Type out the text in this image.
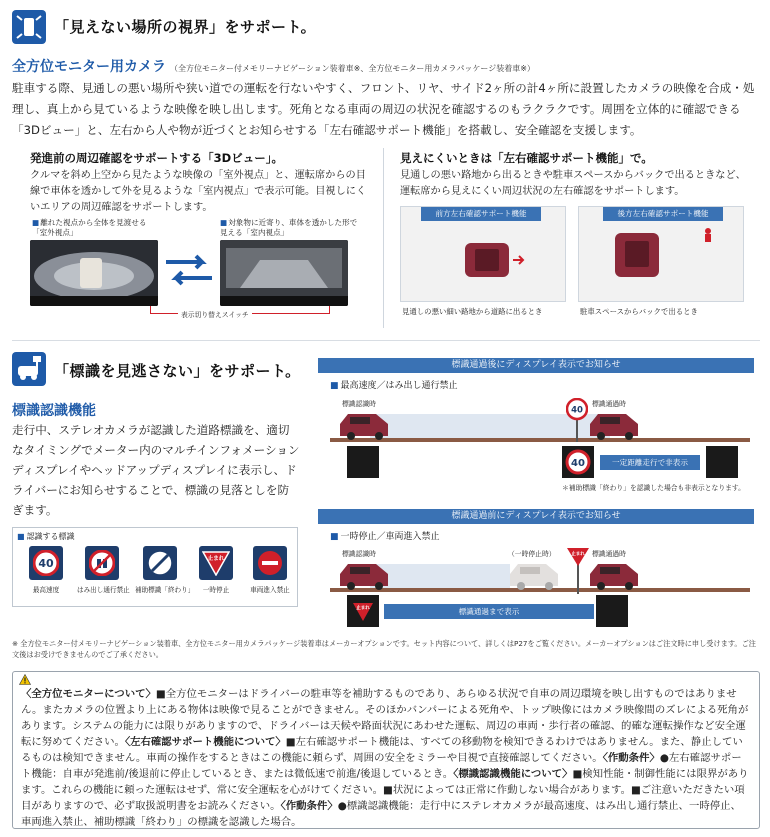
「見えない場所の視界」をサポート。
全方位モニター用カメラ （全方位モニター付メモリーナビゲーション装着車※、全方位モニター用カメラパッケージ装着車※）
駐車する際、見通しの悪い場所や狭い道での運転を行ないやすく、フロント、リヤ、サイド2ヶ所の計4ヶ所に設置したカメラの映像を合成・処理し、真上から見ているような映像を映し出します。死角となる車両の周辺の状況を確認するのもラクラクです。周囲を立体的に確認できる「3Dビュー」と、左右から人や物が近づくとお知らせする「左右確認サポート機能」を搭載し、安全確認を支援します。
発進前の周辺確認をサポートする「3Dビュー」。
クルマを斜め上空から見たような映像の「室外視点」と、運転席からの目線で車体を透かして外を見るような「室内視点」で表示可能。目視しにくいエリアの周辺確認をサポートします。
■ 離れた視点から全体を見渡せる「室外視点」
■ 対象物に近寄り、車体を透かした形で見える「室内視点」
表示切り替えスイッチ
見えにくいときは「左右確認サポート機能」で。
見通しの悪い路地から出るときや駐車スペースからバックで出るときなど、運転席から見えにくい周辺状況の左右確認をサポートします。
前方左右確認サポート機能
見通しの悪い細い路地から道路に出るとき
後方左右確認サポート機能
駐車スペースからバックで出るとき
「標識を見逃さない」をサポート。
標識認識機能
走行中、ステレオカメラが認識した道路標識を、適切なタイミングでメーター内のマルチインフォメーションディスプレイやヘッドアップディスプレイに表示し、ドライバーにお知らせすることで、標識の見落としを防ぎます。
■ 認識する標識
40
最高速度	はみ出し通行禁止 補助標識「終わり」
止まれ
一時停止	車両進入禁止
標識通過後にディスプレイ表示でお知らせ
■ 最高速度／はみ出し通行禁止
標識認識時	標識通過時
40
40	一定距離走行で非表示
＊補助標識「終わり」を認識した場合も非表示となります。
標識通過前にディスプレイ表示でお知らせ
■ 一時停止／車両進入禁止
標識認識時	（一時停止時）	標識通過時
止まれ
止まれ	標識通過まで表示
※ 全方位モニター付メモリーナビゲーション装着車、全方位モニター用カメラパッケージ装着車はメーカーオプションです。セット内容について、詳しくはP27をご覧ください。メーカーオプションはご注文時に申し受けます。ご注文後はお受けできませんのでご了承ください。
〈全方位モニターについて〉■全方位モニターはドライバーの駐車等を補助するものであり、あらゆる状況で自車の周辺環境を映し出すものではありません。またカメラの位置より上にある物体は映像で見ることができません。そのほかバンパーによる死角や、トップ映像にはカメラ映像間のズレによる死角があります。システムの能力には限りがありますので、ドライバーは天候や路面状況にあわせた運転、周辺の車両・歩行者の確認、的確な運転操作など安全運転に努めてください。〈左右確認サポート機能について〉■左右確認サポート機能は、すべての移動物を検知できるわけではありません。また、静止しているものは検知できません。車両の操作をするときはこの機能に頼らず、周囲の安全をミラーや目視で直接確認してください。〈作動条件〉●左右確認サポート機能：自車が発進前/後退前に停止しているとき、または微低速で前進/後退しているとき。〈標識認識機能について〉■検知性能・制御性能には限界があります。これらの機能に頼った運転はせず、常に安全運転を心がけてください。■状況によっては正常に作動しない場合があります。■ご注意いただきたい項目がありますので、必ず取扱説明書をお読みください。〈作動条件〉●標識認識機能：走行中にステレオカメラが最高速度、はみ出し通行禁止、一時停止、車両進入禁止、補助標識「終わり」の標識を認識した場合。
